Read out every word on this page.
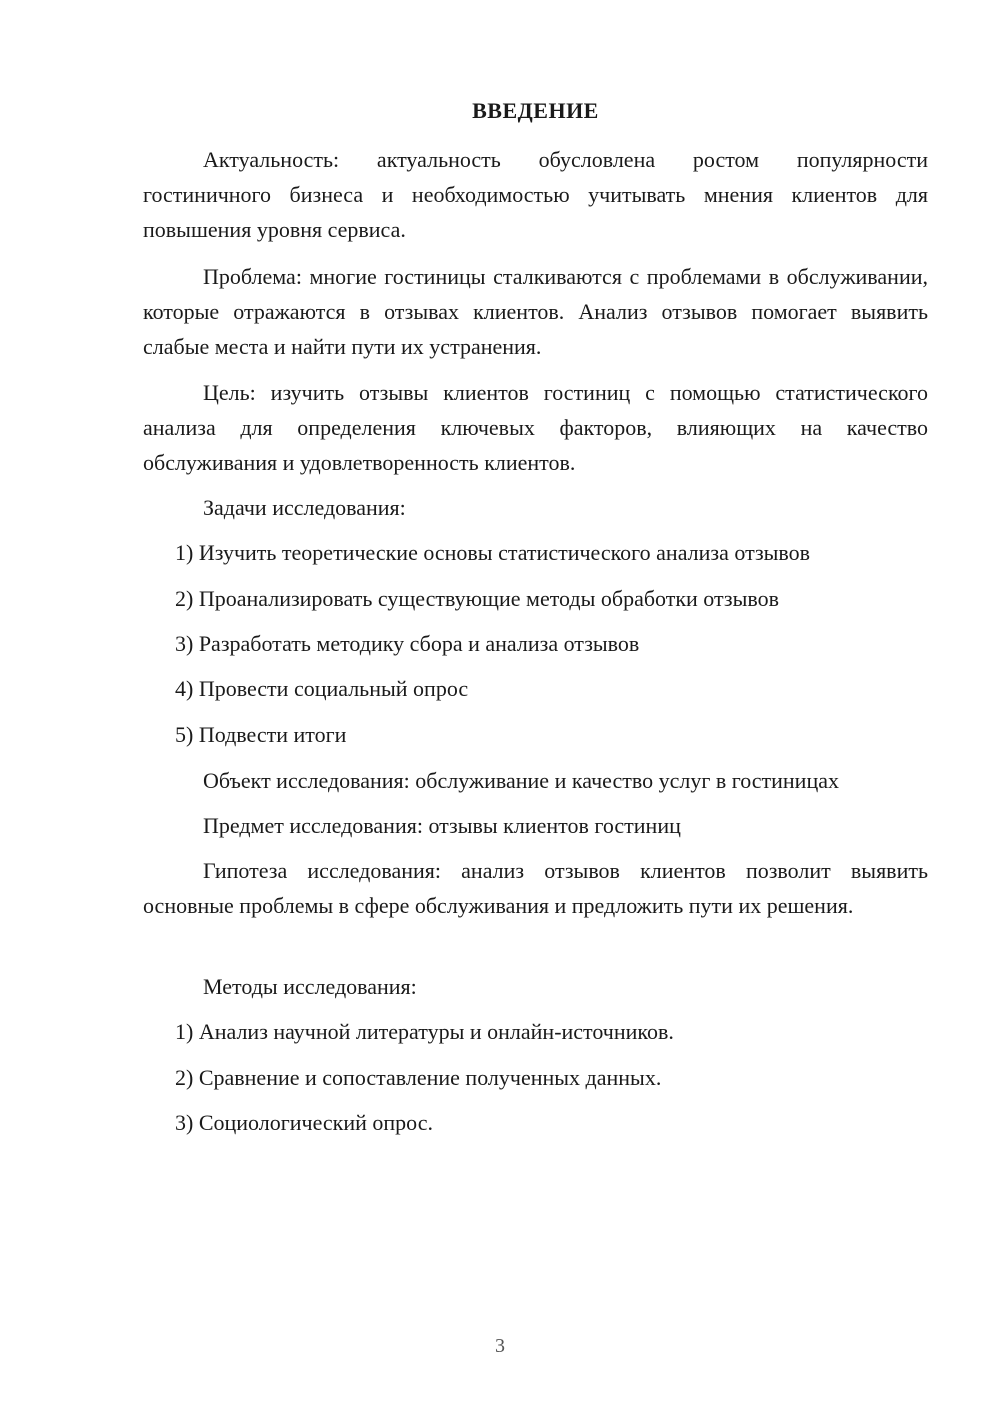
ВВЕДЕНИЕ

Актуальность: актуальность обусловлена ростом популярности гостиничного бизнеса и необходимостью учитывать мнения клиентов для повышения уровня сервиса.

Проблема: многие гостиницы сталкиваются с проблемами в обслуживании, которые отражаются в отзывах клиентов. Анализ отзывов помогает выявить слабые места и найти пути их устранения.

Цель: изучить отзывы клиентов гостиниц с помощью статистического анализа для определения ключевых факторов, влияющих на качество обслуживания и удовлетворенность клиентов.

Задачи исследования:

1) Изучить теоретические основы статистического анализа отзывов

2) Проанализировать существующие методы обработки отзывов

3) Разработать методику сбора и анализа отзывов

4) Провести социальный опрос

5) Подвести итоги

Объект исследования: обслуживание и качество услуг в гостиницах

Предмет исследования: отзывы клиентов гостиниц

Гипотеза исследования: анализ отзывов клиентов позволит выявить основные проблемы в сфере обслуживания и предложить пути их решения.

Методы исследования:

1) Анализ научной литературы и онлайн-источников.

2) Сравнение и сопоставление полученных данных.

3) Социологический опрос.

3
